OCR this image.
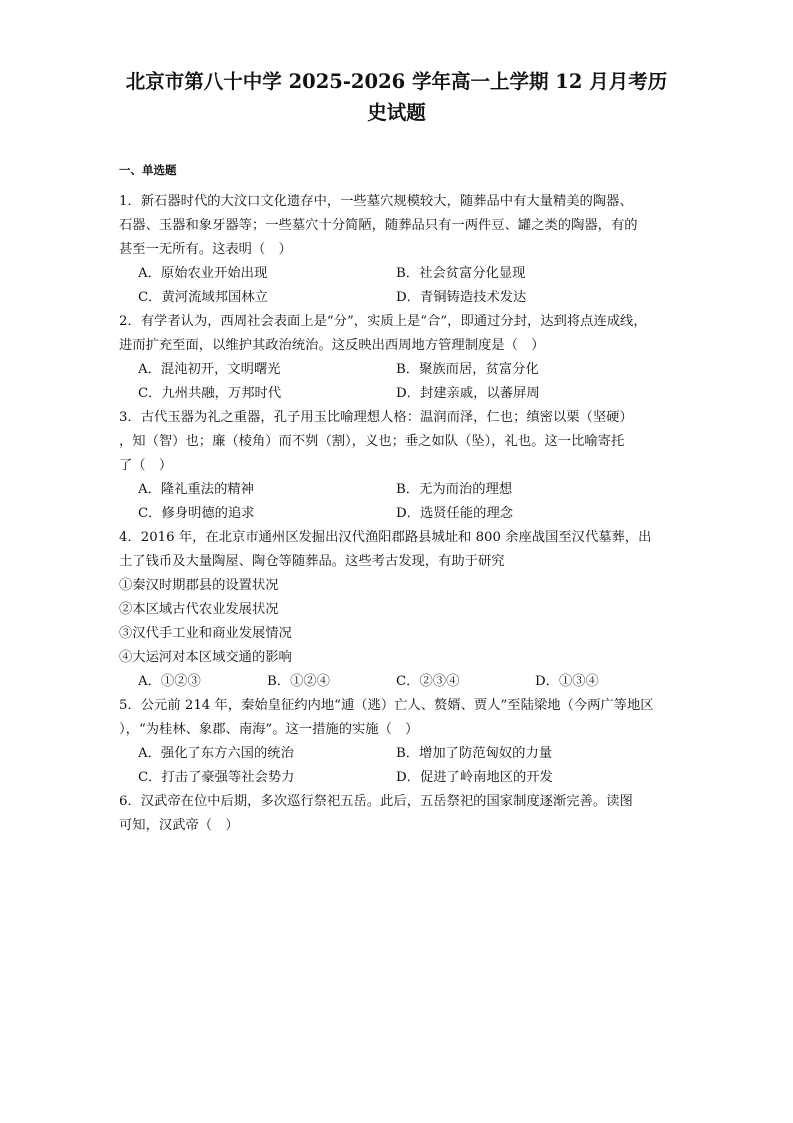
北京市第八十中学 2025-2026 学年高一上学期 12 月月考历
史试题
一、单选题
1．新石器时代的大汶口文化遗存中，一些墓穴规模较大，随葬品中有大量精美的陶器、
石器、玉器和象牙器等；一些墓穴十分简陋，随葬品只有一两件豆、罐之类的陶器，有的
甚至一无所有。这表明（　）
A．原始农业开始出现	B．社会贫富分化显现
C．黄河流域邦国林立	D．青铜铸造技术发达
2．有学者认为，西周社会表面上是“分”，实质上是“合”，即通过分封，达到将点连成线，
进而扩充至面，以维护其政治统治。这反映出西周地方管理制度是（　）
A．混沌初开，文明曙光	B．聚族而居，贫富分化
C．九州共融，万邦时代	D．封建亲戚，以蕃屏周
3．古代玉器为礼之重器，孔子用玉比喻理想人格：温润而泽，仁也；缜密以栗（坚硬）
，知（智）也；廉（棱角）而不刿（割），义也；垂之如队（坠），礼也。这一比喻寄托
了（　）
A．隆礼重法的精神	B．无为而治的理想
C．修身明德的追求	D．选贤任能的理念
4．2016 年，在北京市通州区发掘出汉代渔阳郡路县城址和 800 余座战国至汉代墓葬，出
土了钱币及大量陶屋、陶仓等随葬品。这些考古发现，有助于研究
①秦汉时期郡县的设置状况
②本区域古代农业发展状况
③汉代手工业和商业发展情况
④大运河对本区域交通的影响
A．①②③	B．①②④	C．②③④	D．①③④
5．公元前 214 年，秦始皇征约内地“逋（逃）亡人、赘婿、贾人”至陆梁地（今两广等地区
），“为桂林、象郡、南海”。这一措施的实施（　）
A．强化了东方六国的统治	B．增加了防范匈奴的力量
C．打击了豪强等社会势力	D．促进了岭南地区的开发
6．汉武帝在位中后期，多次巡行祭祀五岳。此后，五岳祭祀的国家制度逐渐完善。读图
可知，汉武帝（　）
